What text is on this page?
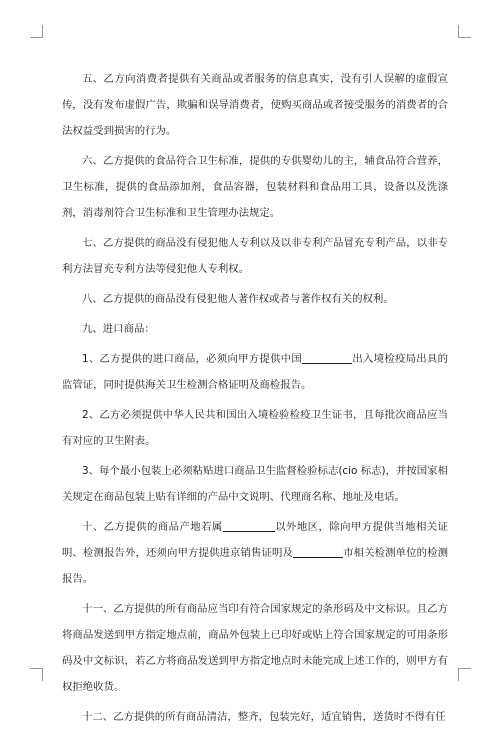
五、乙方向消费者提供有关商品或者服务的信息真实，没有引人误解的虚假宣传，没有发布虚假广告，欺骗和误导消费者，使购买商品或者接受服务的消费者的合法权益受到损害的行为。

六、乙方提供的食品符合卫生标准，提供的专供婴幼儿的主，辅食品符合营养，卫生标准，提供的食品添加剂，食品容器，包装材料和食品用工具，设备以及洗涤剂，消毒剂符合卫生标准和卫生管理办法规定。

七、乙方提供的商品没有侵犯他人专利以及以非专利产品冒充专利产品，以非专利方法冒充专利方法等侵犯他人专利权。

八、乙方提供的商品没有侵犯他人著作权或者与著作权有关的权利。

九、进口商品：

1、乙方提供的进口商品，必须向甲方提供中国	出入境检疫局出具的监管证，同时提供海关卫生检测合格证明及商检报告。

2、乙方必须提供中华人民共和国出入境检验检疫卫生证书，且每批次商品应当有对应的卫生附表。

3、每个最小包装上必须粘贴进口商品卫生监督检验标志(cio 标志)，并按国家相关规定在商品包装上贴有详细的产品中文说明、代理商名称、地址及电话。

十、乙方提供的商品产地若属	以外地区，除向甲方提供当地相关证明、检测报告外，还须向甲方提供进京销售证明及	市相关检测单位的检测报告。

十一、乙方提供的所有商品应当印有符合国家规定的条形码及中文标识。且乙方将商品发送到甲方指定地点前，商品外包装上已印好或贴上符合国家规定的可用条形码及中文标识，若乙方将商品发送到甲方指定地点时未能完成上述工作的，则甲方有权拒绝收货。

十二、乙方提供的所有商品清洁，整齐，包装完好，适宜销售，送货时不得有任
